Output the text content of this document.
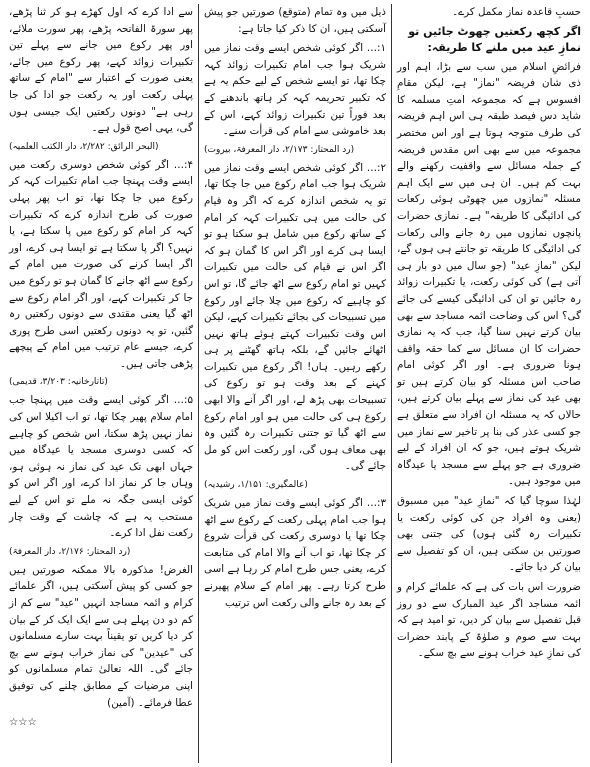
حسبِ قاعدہ نماز مکمل کرے۔
اگر کچھ رکعتیں چھوٹ جائیں تو نمازِ عید میں ملنے کا طریقہ:
فرائضِ اسلام میں سب سے بڑا، اہم اور ذی شان فریضہ "نماز" ہے، لیکن مقامِ افسوس ہے کہ مجموعہ امتِ مسلمہ کا شاید دس فیصد طبقہ ہی اس اہم فریضہ کی طرف متوجہ ہوتا ہے اور اس مختصر مجموعہ میں سے بھی اس مقدس فریضہ کے جملہ مسائل سے واقفیت رکھنے والے بہت کم ہیں۔ ان ہی میں سے ایک اہم مسئلہ "نمازوں میں چھوٹی ہوئی رکعات کی ادائیگی کا طریقہ" ہے۔ نمازی حضرات پانچوں نمازوں میں رہ جانے والی رکعات کی ادائیگی کا طریقہ تو جانتے ہی ہوں گے، لیکن "نمازِ عید" (جو سال میں دو بار ہی آتی ہے) کی کوئی رکعت، یا تکبیرات زوائد رہ جائیں تو ان کی ادائیگی کیسے کی جائے گی؟ اس کی وضاحت ائمہ مساجد سے بھی بیان کرتے نہیں سنا گیا، جب کہ یہ نمازی حضرات کا ان مسائل سے کما حقہ واقف ہونا ضروری ہے۔ اور اگر کوئی امام صاحب اس مسئلہ کو بیان کرتے ہیں تو بھی عید کی نماز سے پہلے بیان کرتے ہیں، حالاں کہ یہ مسئلہ ان افراد سے متعلق ہے جو کسی عذر کی بنا پر تاخیر سے نماز میں شریک ہوتے ہیں، جو کہ ان افراد کے لیے ضروری ہے جو پہلے سے مسجد یا عیدگاہ میں موجود ہیں۔
لہٰذا سوچا گیا کہ "نمازِ عید" میں مسبوق (یعنی وہ افراد جن کی کوئی رکعت یا تکبیرات رہ گئی ہوں) کی جتنی بھی صورتیں بن سکتی ہیں، ان کو تفصیل سے بیان کر دیا جائے۔
ضرورت اس بات کی ہے کہ علمائے کرام و ائمہ مساجد اگر عید المبارک سے دو روز قبل تفصیل سے بیان کر دیں، تو امید ہے کہ بہت سے صوم و صلوٰۃ کے پابند حضرات کی نمازِ عید خراب ہونے سے بچ سکے۔
ذیل میں وہ تمام (متوقع) صورتیں جو پیش آسکتی ہیں، ان کا ذکر کیا جاتا ہے:
۱:… اگر کوئی شخص ایسے وقت نماز میں شریک ہوا جب امام تکبیرات زوائد کہہ چکا تھا، تو ایسے شخص کے لیے حکم یہ ہے کہ تکبیر تحریمہ کہہ کر ہاتھ باندھنے کے بعد فوراً تین تکبیرات زوائد کہے، اس کے بعد خاموشی سے امام کی قرأت سنے۔
(رد المحتار: ۲/۱۷۳، دار المعرفۃ، بیروت)
۲:… اگر کوئی شخص ایسے وقت نماز میں شریک ہوا جب امام رکوع میں جا چکا تھا، تو یہ شخص اندازہ کرے کہ اگر وہ قیام کی حالت میں ہی تکبیرات کہہ کر امام کے ساتھ رکوع میں شامل ہو سکتا ہو تو ایسا ہی کرے اور اگر اس کا گمان ہو کہ اگر اس نے قیام کی حالت میں تکبیرات کہیں تو امام رکوع سے اٹھ جائے گا، تو اس کو چاہیے کہ رکوع میں چلا جائے اور رکوع میں تسبیحات کی بجائے تکبیرات کہے، لیکن اس وقت تکبیرات کہتے ہوئے ہاتھ نہیں اٹھائے جائیں گے، بلکہ ہاتھ گھٹنے پر ہی رکھے رہیں۔ ہاں! اگر رکوع میں تکبیرات کہنے کے بعد وقت ہو تو رکوع کی تسبیحات بھی پڑھ لے، اور اگر آنے والا ابھی رکوع ہی کی حالت میں ہو اور امام رکوع سے اٹھ گیا تو جتنی تکبیرات رہ گئیں وہ بھی معاف ہوں گی، اور رکعت اس کو مل جائے گی۔
(عالمگیری: ۱/۱۵۱، رشیدیہ)
۳:… اگر کوئی ایسے وقت نماز میں شریک ہوا جب امام پہلی رکعت کے رکوع سے اٹھ چکا تھا یا دوسری رکعت کی قرأت شروع کر چکا تھا، تو اب آنے والا امام کی متابعت کرے، یعنی جس طرح امام کر رہا ہے اسی طرح کرتا رہے۔ پھر امام کے سلام پھیرنے کے بعد رہ جانے والی رکعت اس ترتیب
سے ادا کرے کہ اول کھڑے ہو کر ثنا پڑھے، پھر سورۃ الفاتحہ پڑھے، پھر سورت ملائے، اور پھر رکوع میں جانے سے پہلے تین تکبیرات زوائد کہے، پھر رکوع میں جائے، یعنی صورت کے اعتبار سے "امام کے ساتھ پہلی رکعت اور یہ رکعت جو ادا کی جا رہی ہے" دونوں رکعتیں ایک جیسی ہوں گی، یہی اصح قول ہے۔
(البحر الرائق: ۲/۲۸۲، دار الکتب العلمیہ)
۴:… اگر کوئی شخص دوسری رکعت میں ایسے وقت پہنچا جب امام تکبیرات کہہ کر رکوع میں جا چکا تھا، تو اب پھر پہلی صورت کی طرح اندازہ کرے کہ تکبیرات کہہ کر امام کو رکوع میں پا سکتا ہے، یا نہیں؟ اگر پا سکتا ہے تو ایسا ہی کرے، اور اگر ایسا کرنے کی صورت میں امام کے رکوع سے اٹھ جانے کا گمان ہو تو رکوع میں جا کر تکبیرات کہے، اور اگر امام رکوع سے اٹھ گیا یعنی مقتدی سے دونوں رکعتیں رہ گئیں، تو یہ دونوں رکعتیں اسی طرح پوری کرے، جیسے عام ترتیب میں امام کے پیچھے پڑھی جاتی ہیں۔
(تاتارخانیہ: ۳/۲۰۳، قدیمی)
۵:… اگر کوئی ایسے وقت میں پہنچا جب امام سلام پھیر چکا تھا، تو اب اکیلا اس کی نماز نہیں پڑھ سکتا، اس شخص کو چاہیے کہ کسی دوسری مسجد یا عیدگاہ میں جہاں ابھی تک عید کی نماز نہ ہوئی ہو، وہاں جا کر نماز ادا کرے، اور اگر اس کو کوئی ایسی جگہ نہ ملے تو اس کے لیے مستحب یہ ہے کہ چاشت کے وقت چار رکعت نفل ادا کرے۔
(رد المحتار: ۲/۱۷۶، دار المعرفۃ)
الغرض! مذکورہ بالا ممکنہ صورتیں ہیں جو کسی کو پیش آسکتی ہیں، اگر علمائے کرام و ائمہ مساجد انہیں "عید" سے کم از کم دو دن پہلے ہی سے ایک ایک کر کے بیان کر دیا کریں تو یقیناً بہت سارے مسلمانوں کی "عیدین" کی نماز خراب ہونے سے بچ جائے گی۔ اللہ تعالیٰ تمام مسلمانوں کو اپنی مرضیات کے مطابق چلنے کی توفیق عطا فرمائے۔ (آمین)
☆☆☆
